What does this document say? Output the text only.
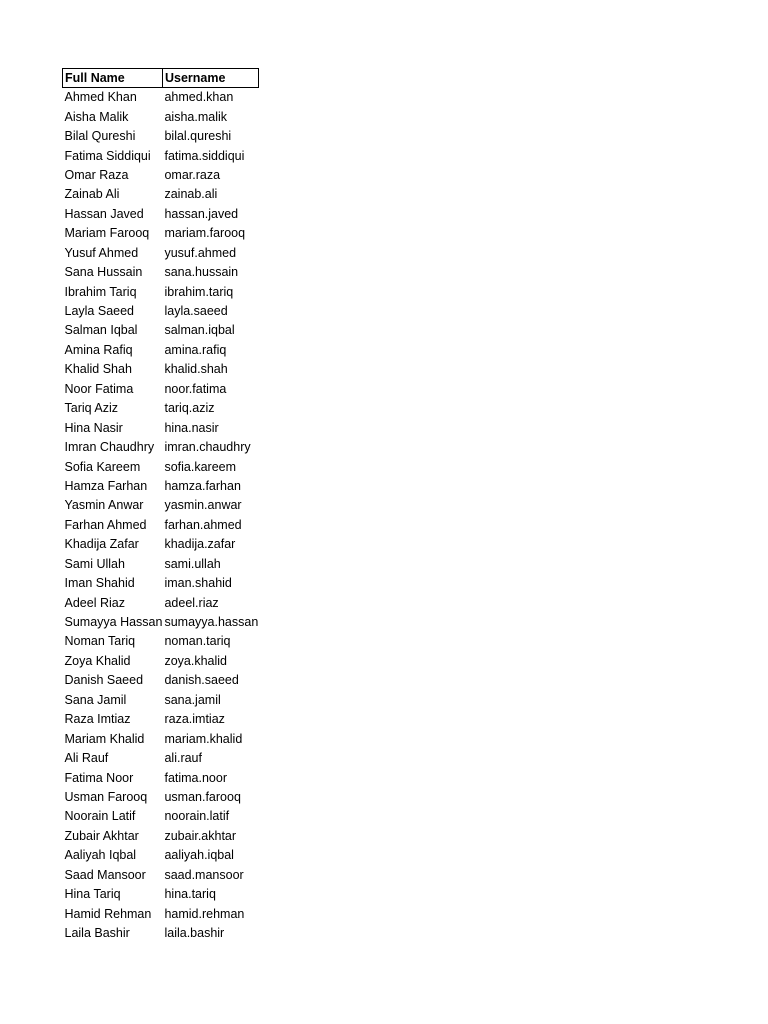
Full Name	Username
Ahmed Khan	ahmed.khan
Aisha Malik	aisha.malik
Bilal Qureshi	bilal.qureshi
Fatima Siddiqui	fatima.siddiqui
Omar Raza	omar.raza
Zainab Ali	zainab.ali
Hassan Javed	hassan.javed
Mariam Farooq	mariam.farooq
Yusuf Ahmed	yusuf.ahmed
Sana Hussain	sana.hussain
Ibrahim Tariq	ibrahim.tariq
Layla Saeed	layla.saeed
Salman Iqbal	salman.iqbal
Amina Rafiq	amina.rafiq
Khalid Shah	khalid.shah
Noor Fatima	noor.fatima
Tariq Aziz	tariq.aziz
Hina Nasir	hina.nasir
Imran Chaudhry	imran.chaudhry
Sofia Kareem	sofia.kareem
Hamza Farhan	hamza.farhan
Yasmin Anwar	yasmin.anwar
Farhan Ahmed	farhan.ahmed
Khadija Zafar	khadija.zafar
Sami Ullah	sami.ullah
Iman Shahid	iman.shahid
Adeel Riaz	adeel.riaz
Sumayya Hassan	sumayya.hassan
Noman Tariq	noman.tariq
Zoya Khalid	zoya.khalid
Danish Saeed	danish.saeed
Sana Jamil	sana.jamil
Raza Imtiaz	raza.imtiaz
Mariam Khalid	mariam.khalid
Ali Rauf	ali.rauf
Fatima Noor	fatima.noor
Usman Farooq	usman.farooq
Noorain Latif	noorain.latif
Zubair Akhtar	zubair.akhtar
Aaliyah Iqbal	aaliyah.iqbal
Saad Mansoor	saad.mansoor
Hina Tariq	hina.tariq
Hamid Rehman	hamid.rehman
Laila Bashir	laila.bashir
